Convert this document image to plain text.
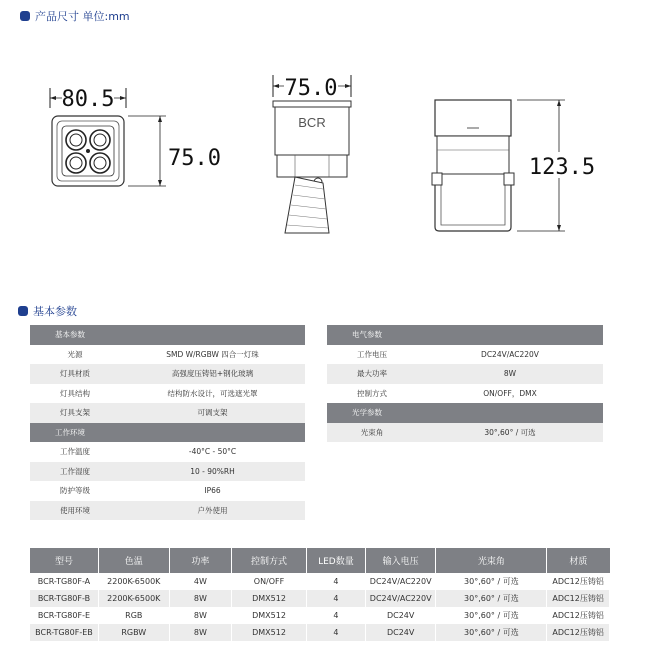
产品尺寸 单位:mm
80.5
75.0
75.0
BCR
123.5
基本参数
基本参数	
光源	SMD W/RGBW 四合一灯珠
灯具材质	高强度压铸铝+钢化玻璃
灯具结构	结构防水设计，可选遮光罩
灯具支架	可调支架
工作环境	
工作温度	-40°C - 50°C
工作湿度	10 - 90%RH
防护等级	IP66
使用环境	户外使用
电气参数	
工作电压	DC24V/AC220V
最大功率	8W
控制方式	ON/OFF，DMX
光学参数	
光束角	30°,60° / 可选
型号	色温	功率	控制方式	LED数量	输入电压	光束角	材质
BCR-TG80F-A	2200K-6500K	4W	ON/OFF	4	DC24V/AC220V	30°,60° / 可选	ADC12压铸铝
BCR-TG80F-B	2200K-6500K	8W	DMX512	4	DC24V/AC220V	30°,60° / 可选	ADC12压铸铝
BCR-TG80F-E	RGB	8W	DMX512	4	DC24V	30°,60° / 可选	ADC12压铸铝
BCR-TG80F-EB	RGBW	8W	DMX512	4	DC24V	30°,60° / 可选	ADC12压铸铝
